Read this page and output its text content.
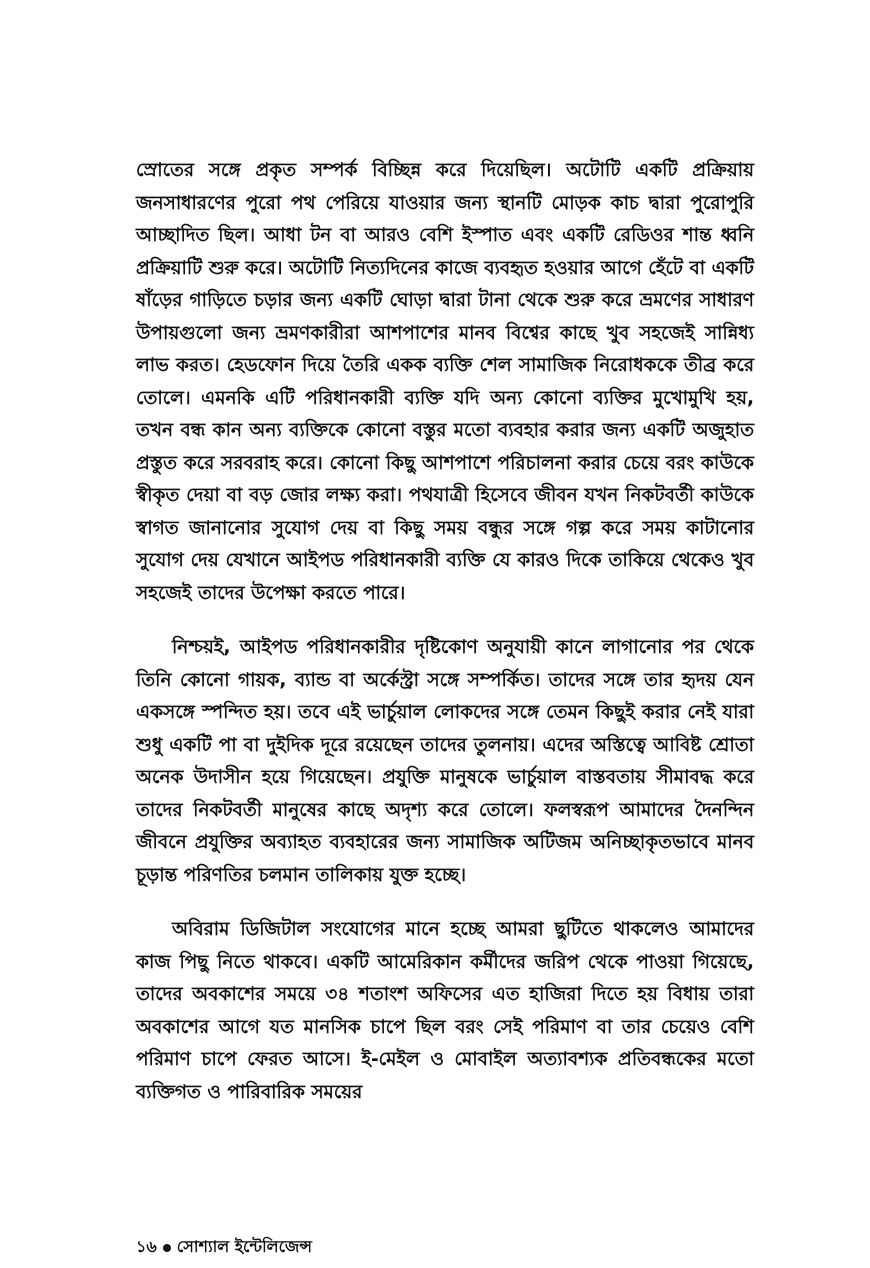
স্রোতের সঙ্গে প্রকৃত সম্পর্ক বিচ্ছিন্ন করে দিয়েছিল। অটোটি একটি প্রক্রিয়ায় জনসাধারণের পুরো পথ পেরিয়ে যাওয়ার জন্য স্থানটি মোড়ক কাচ দ্বারা পুরোপুরি আচ্ছাদিত ছিল। আধা টন বা আরও বেশি ইস্পাত এবং একটি রেডিওর শান্ত ধ্বনি প্রক্রিয়াটি শুরু করে। অটোটি নিত্যদিনের কাজে ব্যবহৃত হওয়ার আগে হেঁটে বা একটি ষাঁড়ের গাড়িতে চড়ার জন্য একটি ঘোড়া দ্বারা টানা থেকে শুরু করে ভ্রমণের সাধারণ উপায়গুলো জন্য ভ্রমণকারীরা আশপাশের মানব বিশ্বের কাছে খুব সহজেই সান্নিধ্য লাভ করত। হেডফোন দিয়ে তৈরি একক ব্যক্তি শেল সামাজিক নিরোধককে তীব্র করে তোলে। এমনকি এটি পরিধানকারী ব্যক্তি যদি অন্য কোনো ব্যক্তির মুখোমুখি হয়, তখন বন্ধ কান অন্য ব্যক্তিকে কোনো বস্তুর মতো ব্যবহার করার জন্য একটি অজুহাত প্রস্তুত করে সরবরাহ করে। কোনো কিছু আশপাশে পরিচালনা করার চেয়ে বরং কাউকে স্বীকৃত দেয়া বা বড় জোর লক্ষ্য করা। পথযাত্রী হিসেবে জীবন যখন নিকটবর্তী কাউকে স্বাগত জানানোর সুযোগ দেয় বা কিছু সময় বন্ধুর সঙ্গে গল্প করে সময় কাটানোর সুযোগ দেয় যেখানে আইপড পরিধানকারী ব্যক্তি যে কারও দিকে তাকিয়ে থেকেও খুব সহজেই তাদের উপেক্ষা করতে পারে।

নিশ্চয়ই, আইপড পরিধানকারীর দৃষ্টিকোণ অনুযায়ী কানে লাগানোর পর থেকে তিনি কোনো গায়ক, ব্যান্ড বা অর্কেস্ট্রা সঙ্গে সম্পর্কিত। তাদের সঙ্গে তার হৃদয় যেন একসঙ্গে স্পন্দিত হয়। তবে এই ভার্চুয়াল লোকদের সঙ্গে তেমন কিছুই করার নেই যারা শুধু একটি পা বা দুইদিক দূরে রয়েছেন তাদের তুলনায়। এদের অস্তিত্বে আবিষ্ট শ্রোতা অনেক উদাসীন হয়ে গিয়েছেন। প্রযুক্তি মানুষকে ভার্চুয়াল বাস্তবতায় সীমাবদ্ধ করে তাদের নিকটবর্তী মানুষের কাছে অদৃশ্য করে তোলে। ফলস্বরূপ আমাদের দৈনন্দিন জীবনে প্রযুক্তির অব্যাহত ব্যবহারের জন্য সামাজিক অটিজম অনিচ্ছাকৃতভাবে মানব চূড়ান্ত পরিণতির চলমান তালিকায় যুক্ত হচ্ছে।

অবিরাম ডিজিটাল সংযোগের মানে হচ্ছে আমরা ছুটিতে থাকলেও আমাদের কাজ পিছু নিতে থাকবে। একটি আমেরিকান কর্মীদের জরিপ থেকে পাওয়া গিয়েছে, তাদের অবকাশের সময়ে ৩৪ শতাংশ অফিসের এত হাজিরা দিতে হয় বিধায় তারা অবকাশের আগে যত মানসিক চাপে ছিল বরং সেই পরিমাণ বা তার চেয়েও বেশি পরিমাণ চাপে ফেরত আসে। ই-মেইল ও মোবাইল অত্যাবশ্যক প্রতিবন্ধকের মতো ব্যক্তিগত ও পারিবারিক সময়ের

১৬ সোশ্যাল ইন্টেলিজেন্স
